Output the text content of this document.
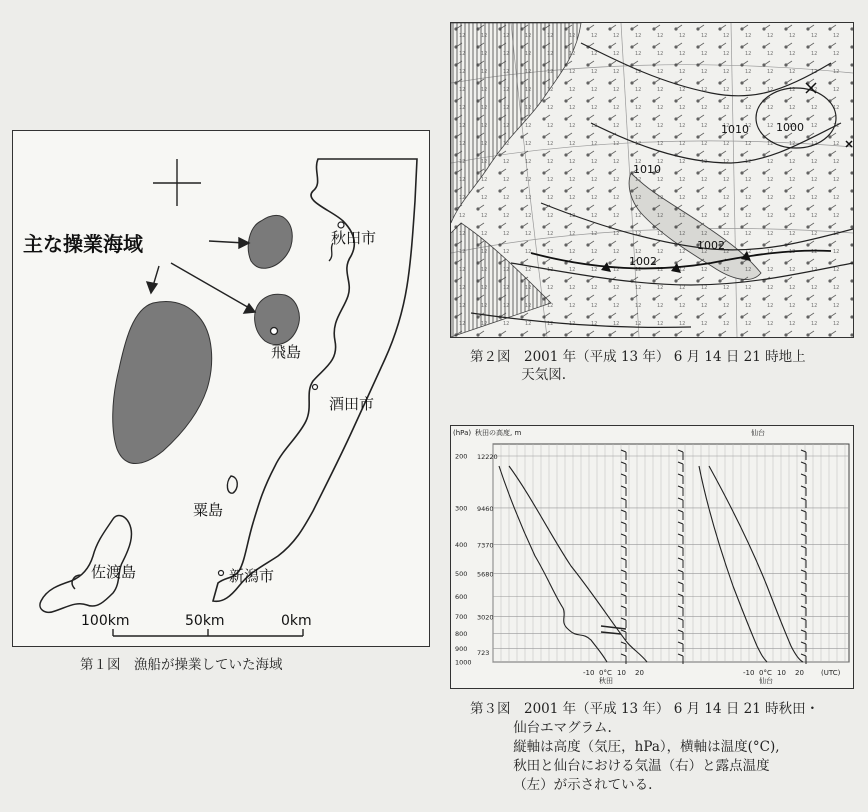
主な操業海域	秋田市
飛島
酒田市
粟島
佐渡島	新潟市
100km	50km	0km
第１図　漁船が操業していた海域
1010
1010
1000
1002
1002
第２図　2001 年（平成 13 年） 6 月 14 日 21 時地上
天気図.
(hPa) 秋田の高度, m	仙台
200
300
400
500
600
700
800
900
1000
12220
9460
7370
5680
3020
723
-10 0°C 10 20	-10 0°C 10 20 (UTC)
秋田	仙台
第３図　2001 年（平成 13 年） 6 月 14 日 21 時秋田・
仙台エマグラム.
縦軸は高度（気圧，hPa），横軸は温度(°C),
秋田と仙台における気温（右）と露点温度
（左）が示されている.
